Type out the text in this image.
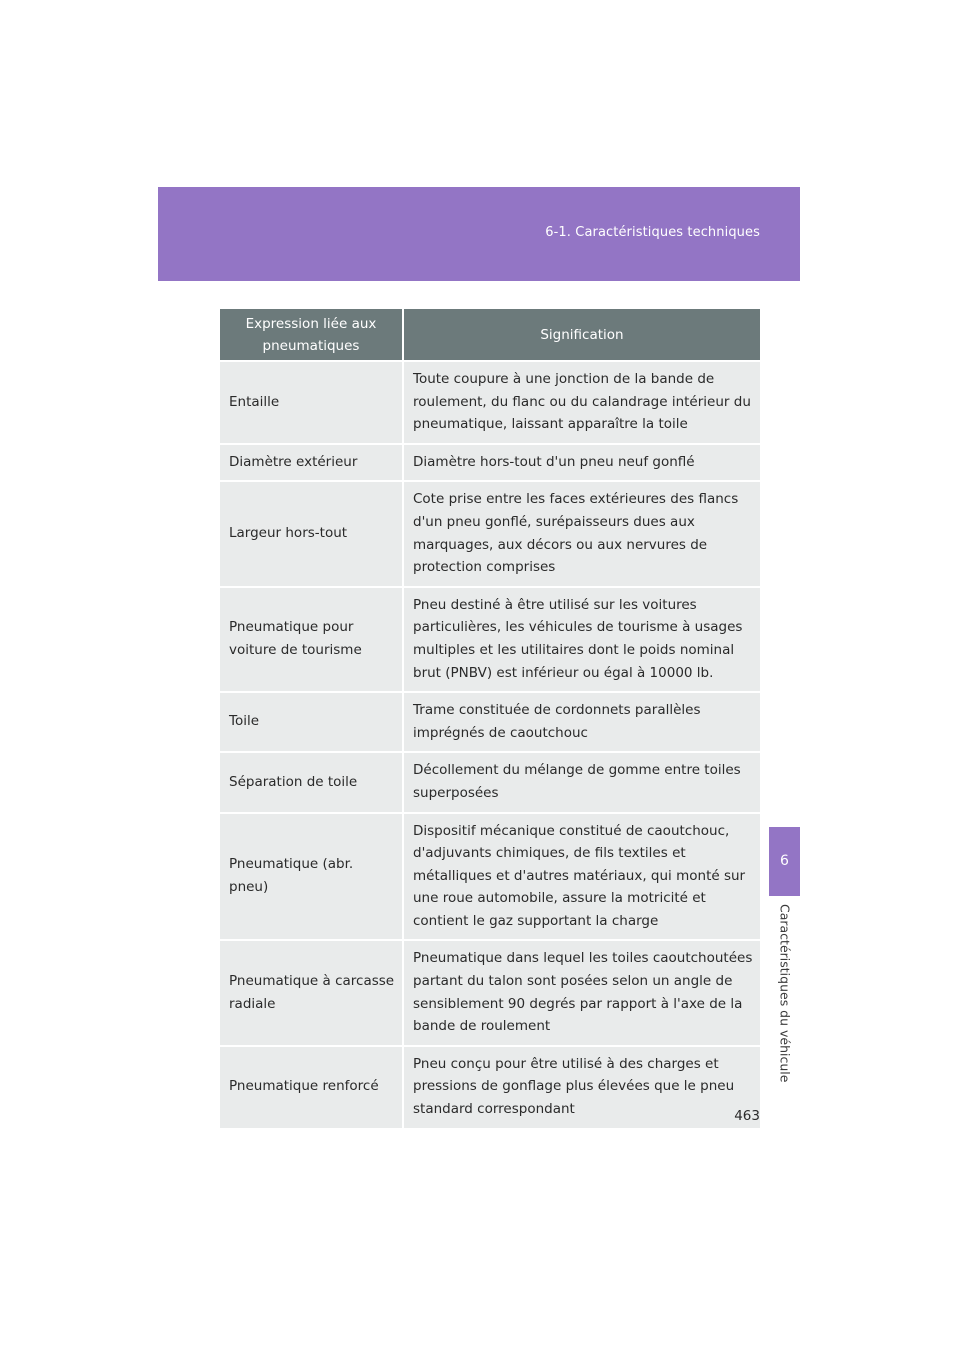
6-1. Caractéristiques techniques
Expression liée aux pneumatiques	Signification
Entaille	Toute coupure à une jonction de la bande de roulement, du flanc ou du calandrage intérieur du pneumatique, laissant apparaître la toile
Diamètre extérieur	Diamètre hors-tout d'un pneu neuf gonflé
Largeur hors-tout	Cote prise entre les faces extérieures des flancs d'un pneu gonflé, surépaisseurs dues aux marquages, aux décors ou aux nervures de protection comprises
Pneumatique pour voiture de tourisme	Pneu destiné à être utilisé sur les voitures particulières, les véhicules de tourisme à usages multiples et les utilitaires dont le poids nominal brut (PNBV) est inférieur ou égal à 10000 lb.
Toile	Trame constituée de cordonnets parallèles imprégnés de caoutchouc
Séparation de toile	Décollement du mélange de gomme entre toiles superposées
Pneumatique (abr. pneu)	Dispositif mécanique constitué de caoutchouc, d'adjuvants chimiques, de fils textiles et métalliques et d'autres matériaux, qui monté sur une roue automobile, assure la motricité et contient le gaz supportant la charge
Pneumatique à carcasse radiale	Pneumatique dans lequel les toiles caoutchoutées partant du talon sont posées selon un angle de sensiblement 90 degrés par rapport à l'axe de la bande de roulement
Pneumatique renforcé	Pneu conçu pour être utilisé à des charges et pressions de gonflage plus élevées que le pneu standard correspondant
6
Caractéristiques du véhicule
463
